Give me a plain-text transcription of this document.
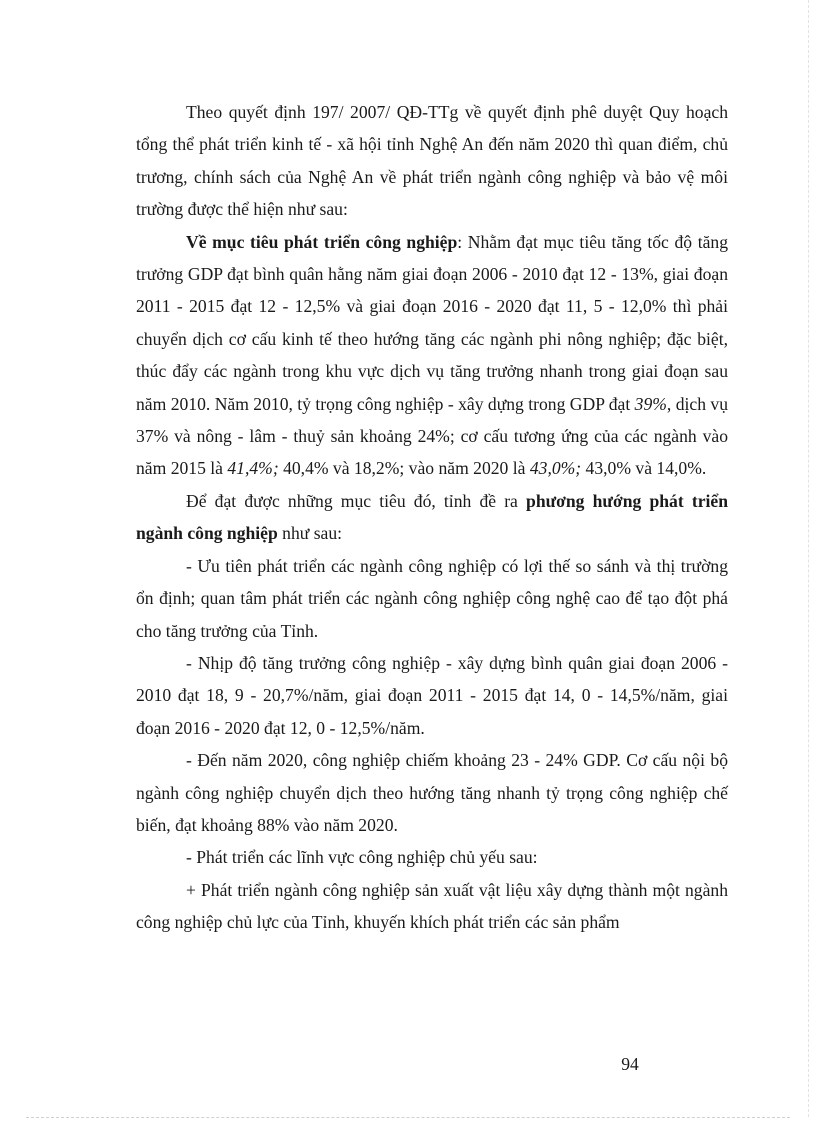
Theo quyết định 197/ 2007/ QĐ-TTg về quyết định phê duyệt Quy hoạch tổng thể phát triển kinh tế - xã hội tỉnh Nghệ An đến năm 2020 thì quan điểm, chủ trương, chính sách của Nghệ An về phát triển ngành công nghiệp và bảo vệ môi trường được thể hiện như sau:

Về mục tiêu phát triển công nghiệp: Nhằm đạt mục tiêu tăng tốc độ tăng trưởng GDP đạt bình quân hằng năm giai đoạn 2006 - 2010 đạt 12 - 13%, giai đoạn 2011 - 2015 đạt 12 - 12,5% và giai đoạn 2016 - 2020 đạt 11, 5 - 12,0% thì phải chuyển dịch cơ cấu kinh tế theo hướng tăng các ngành phi nông nghiệp; đặc biệt, thúc đẩy các ngành trong khu vực dịch vụ tăng trưởng nhanh trong giai đoạn sau năm 2010. Năm 2010, tỷ trọng công nghiệp - xây dựng trong GDP đạt 39%, dịch vụ 37% và nông - lâm - thuỷ sản khoảng 24%; cơ cấu tương ứng của các ngành vào năm 2015 là 41,4%; 40,4% và 18,2%; vào năm 2020 là 43,0%; 43,0% và 14,0%.

Để đạt được những mục tiêu đó, tỉnh đề ra phương hướng phát triển ngành công nghiệp như sau:

- Ưu tiên phát triển các ngành công nghiệp có lợi thế so sánh và thị trường ổn định; quan tâm phát triển các ngành công nghiệp công nghệ cao để tạo đột phá cho tăng trưởng của Tỉnh.

- Nhịp độ tăng trưởng công nghiệp - xây dựng bình quân giai đoạn 2006 - 2010 đạt 18, 9 - 20,7%/năm, giai đoạn 2011 - 2015 đạt 14, 0 - 14,5%/năm, giai đoạn 2016 - 2020 đạt 12, 0 - 12,5%/năm.

- Đến năm 2020, công nghiệp chiếm khoảng 23 - 24% GDP. Cơ cấu nội bộ ngành công nghiệp chuyển dịch theo hướng tăng nhanh tỷ trọng công nghiệp chế biến, đạt khoảng 88% vào năm 2020.

- Phát triển các lĩnh vực công nghiệp chủ yếu sau:

+ Phát triển ngành công nghiệp sản xuất vật liệu xây dựng thành một ngành công nghiệp chủ lực của Tỉnh, khuyến khích phát triển các sản phẩm

94
